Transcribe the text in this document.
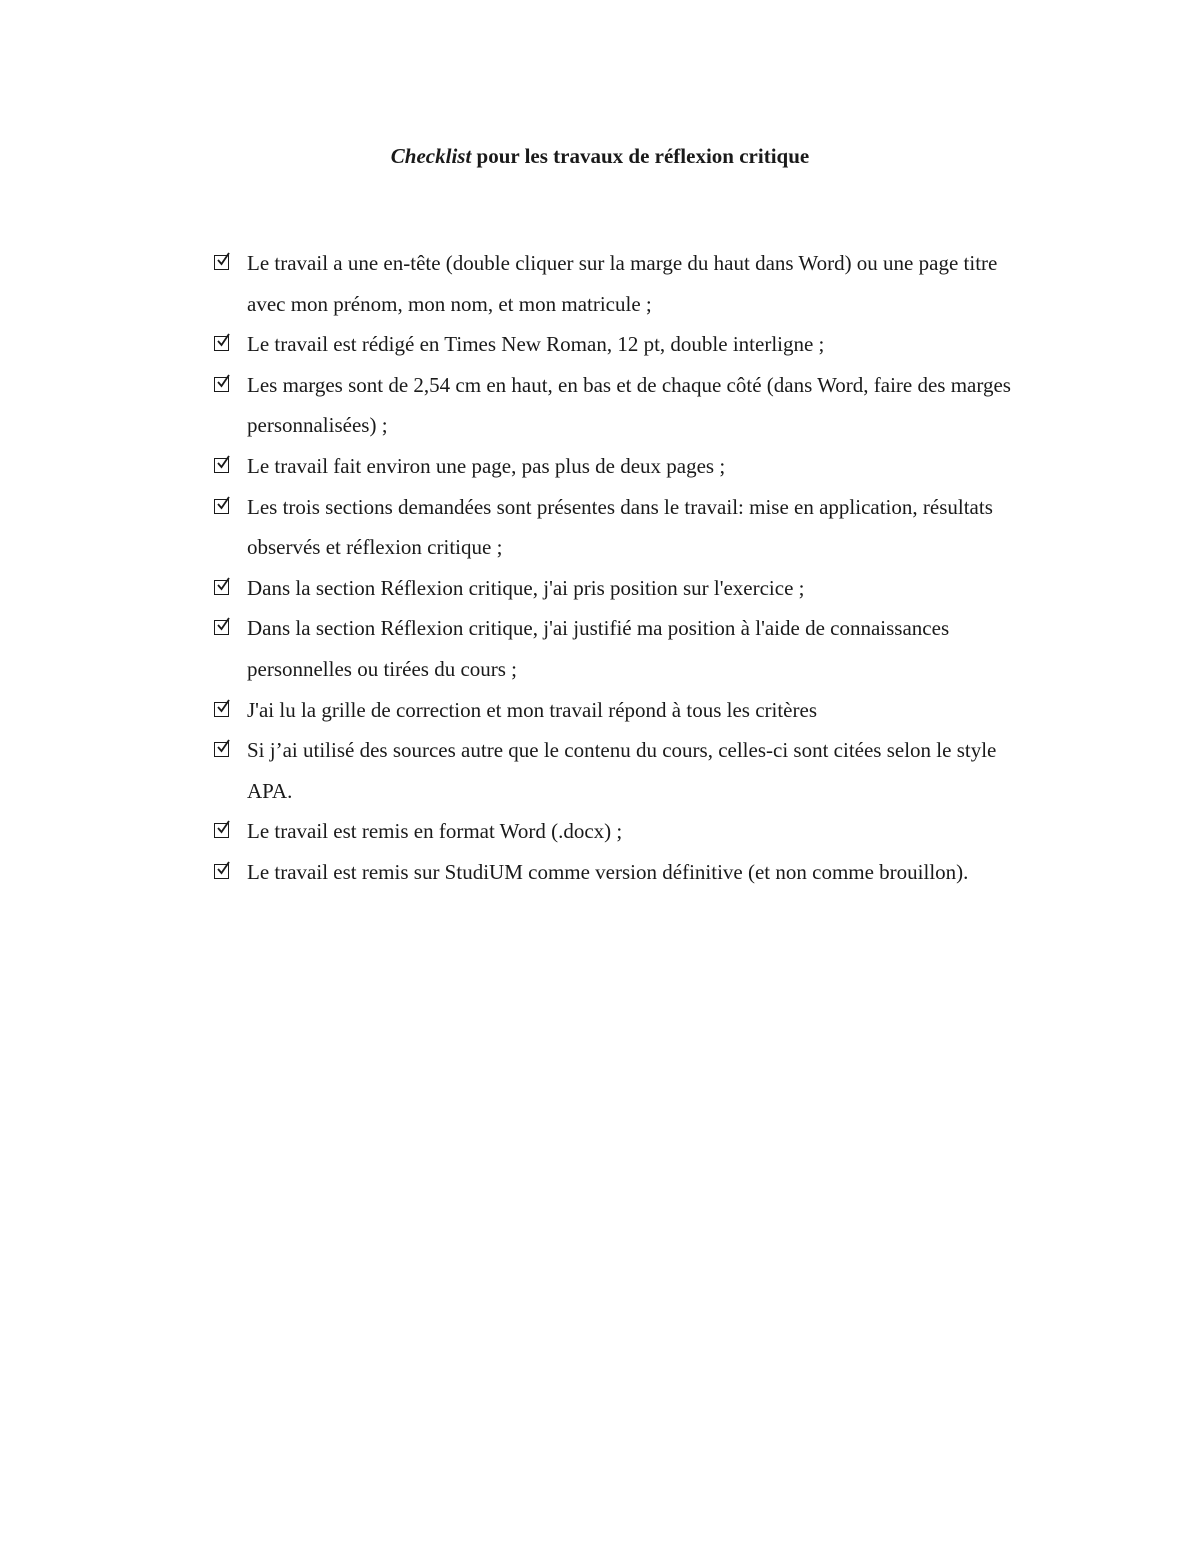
Checklist pour les travaux de réflexion critique
Le travail a une en-tête (double cliquer sur la marge du haut dans Word) ou une page titre avec mon prénom, mon nom, et mon matricule ;
Le travail est rédigé en Times New Roman, 12 pt, double interligne ;
Les marges sont de 2,54 cm en haut, en bas et de chaque côté (dans Word, faire des marges personnalisées) ;
Le travail fait environ une page, pas plus de deux pages ;
Les trois sections demandées sont présentes dans le travail: mise en application, résultats observés et réflexion critique ;
Dans la section Réflexion critique, j'ai pris position sur l'exercice ;
Dans la section Réflexion critique, j'ai justifié ma position à l'aide de connaissances personnelles ou tirées du cours ;
J'ai lu la grille de correction et mon travail répond à tous les critères
Si j’ai utilisé des sources autre que le contenu du cours, celles-ci sont citées selon le style APA.
Le travail est remis en format Word (.docx) ;
Le travail est remis sur StudiUM comme version définitive (et non comme brouillon).
